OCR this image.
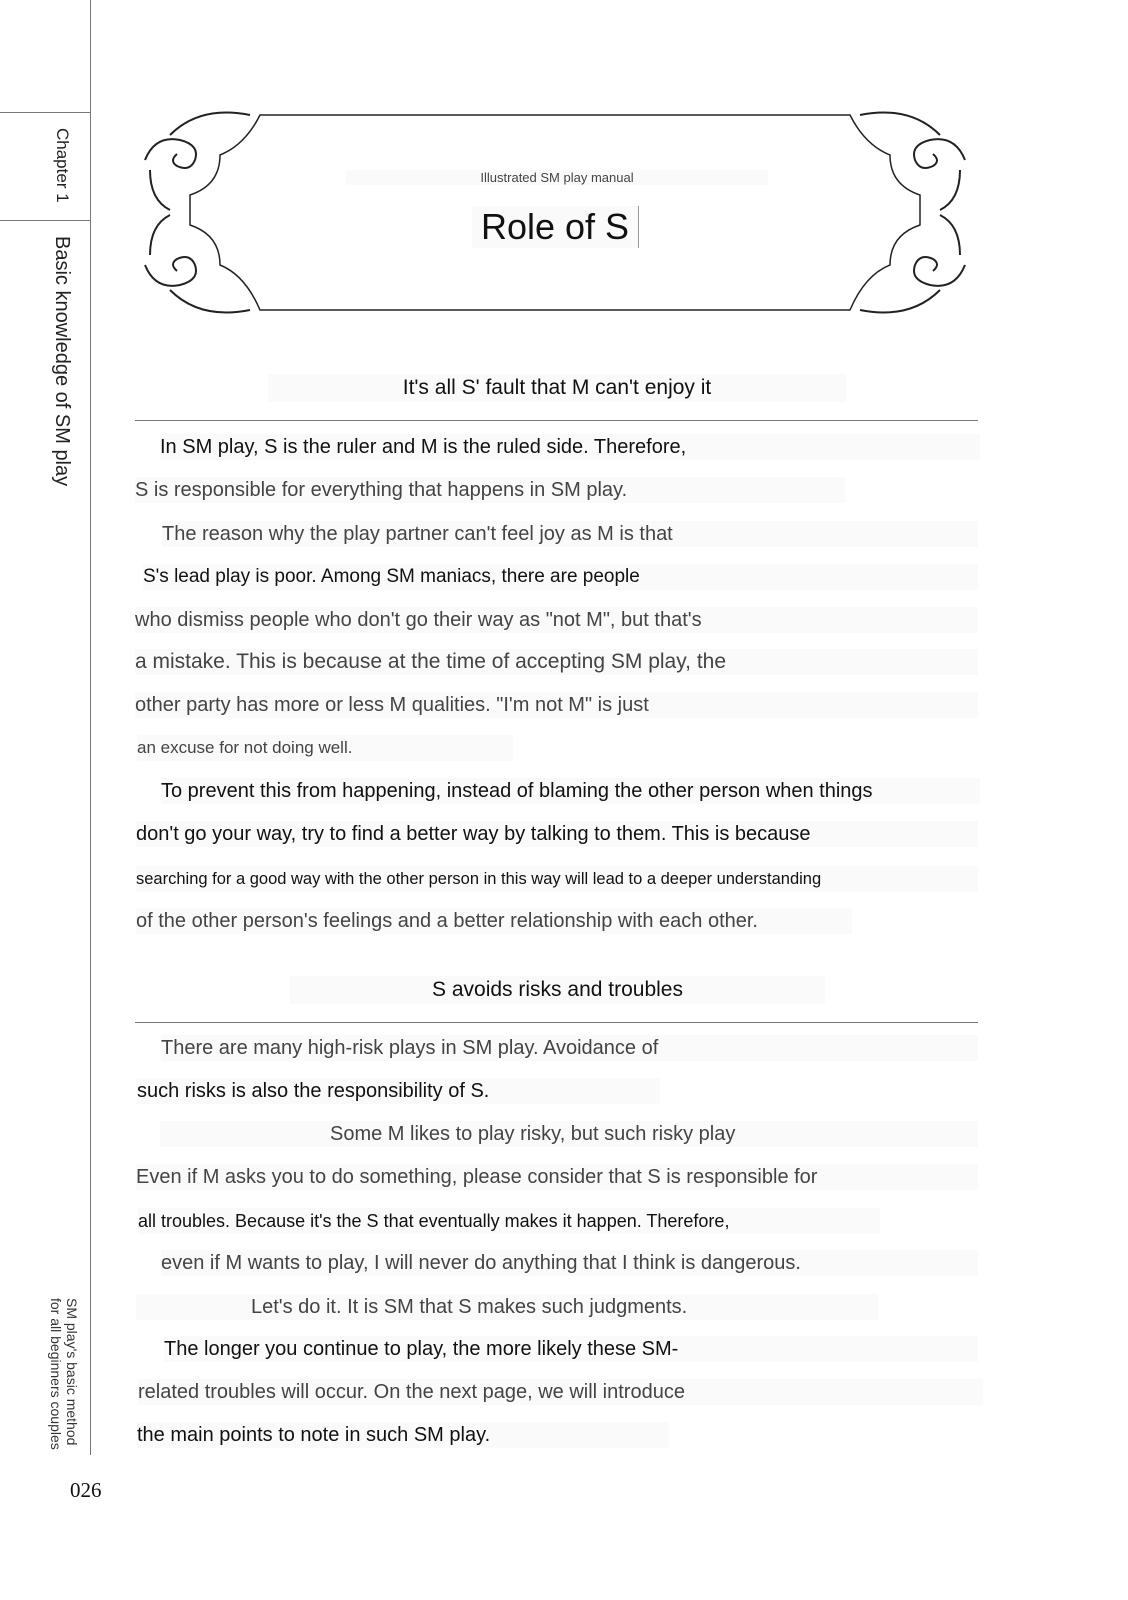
Chapter 1
Basic knowledge of SM play
SM play's basic method
for all beginners couples
026
Illustrated SM play manual
Role of S
It's all S' fault that M can't enjoy it
In SM play, S is the ruler and M is the ruled side. Therefore,
S is responsible for everything that happens in SM play.
The reason why the play partner can't feel joy as M is that
S's lead play is poor. Among SM maniacs, there are people
who dismiss people who don't go their way as "not M", but that's
a mistake. This is because at the time of accepting SM play, the
other party has more or less M qualities. "I'm not M" is just
an excuse for not doing well.
To prevent this from happening, instead of blaming the other person when things
don't go your way, try to find a better way by talking to them. This is because
searching for a good way with the other person in this way will lead to a deeper understanding
of the other person's feelings and a better relationship with each other.
S avoids risks and troubles
There are many high-risk plays in SM play. Avoidance of
such risks is also the responsibility of S.
Some M likes to play risky, but such risky play
Even if M asks you to do something, please consider that S is responsible for
all troubles. Because it's the S that eventually makes it happen. Therefore,
even if M wants to play, I will never do anything that I think is dangerous.
Let's do it. It is SM that S makes such judgments.
The longer you continue to play, the more likely these SM-
related troubles will occur. On the next page, we will introduce
the main points to note in such SM play.
